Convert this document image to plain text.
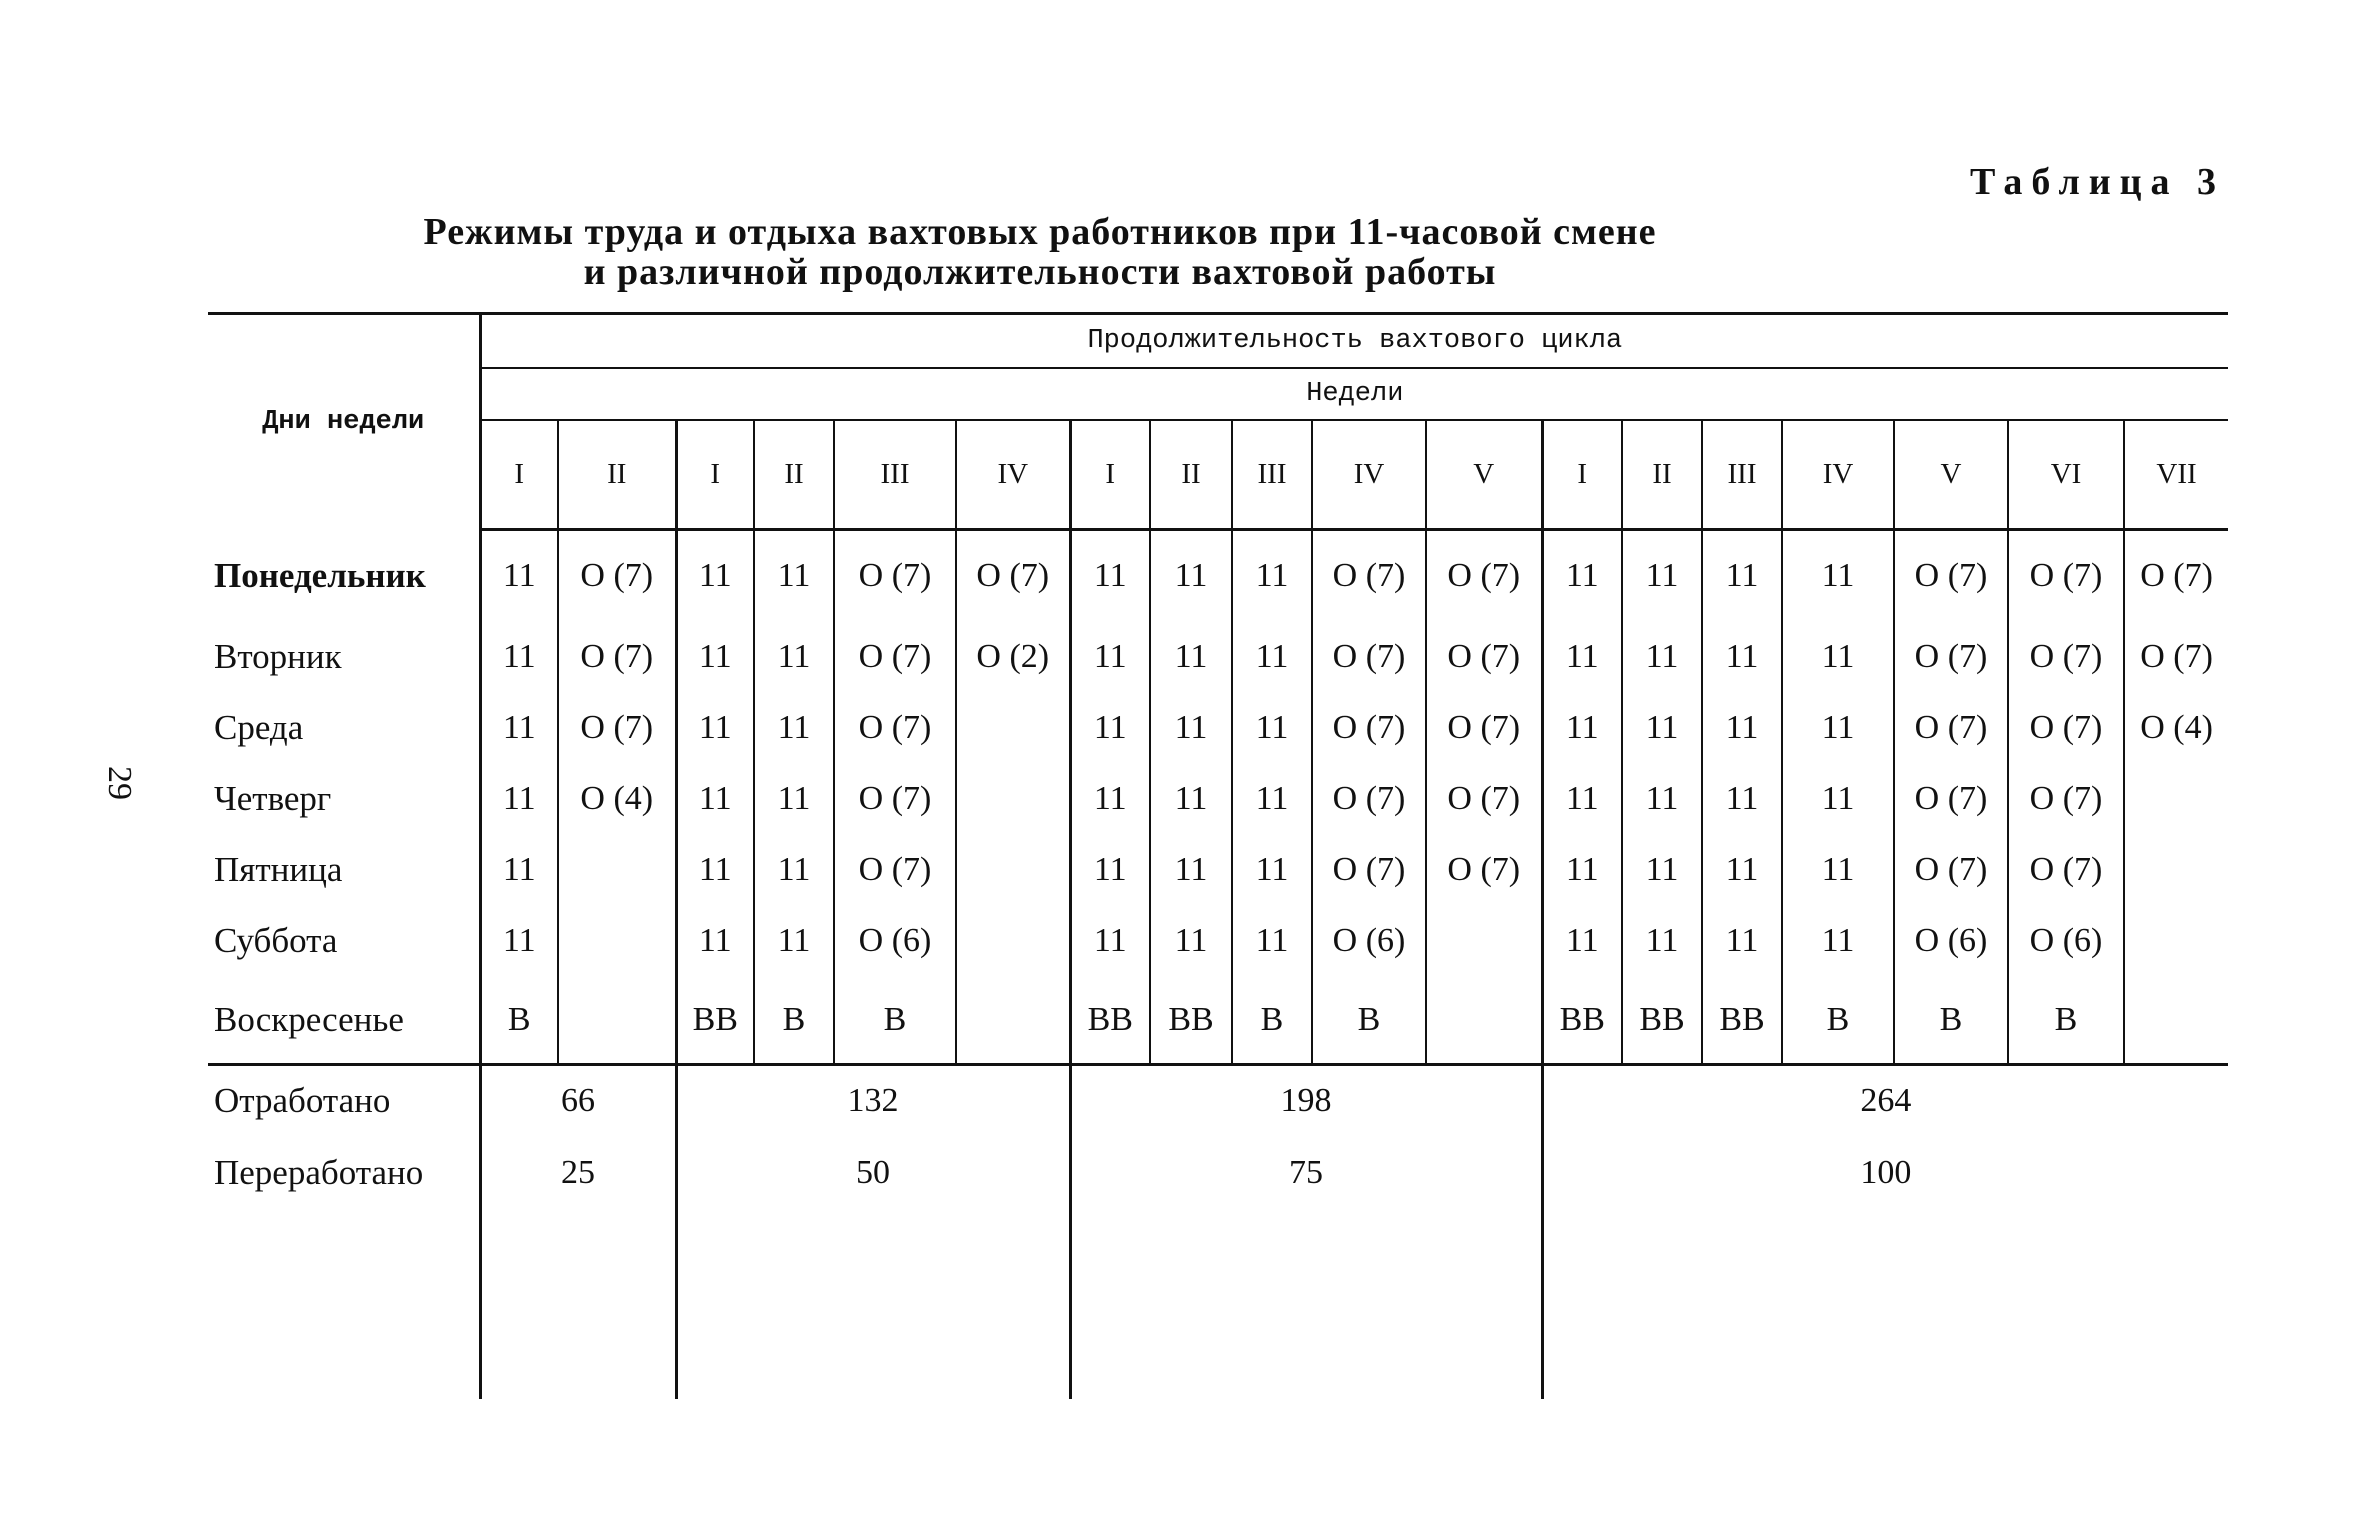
Таблица 3
Режимы труда и отдыха вахтовых работников при 11-часовой смене
и различной продолжительности вахтовой работы
29
Дни недели	Продолжительность вахтового цикла																	
	Недели																	
	I	II	I	II	III	IV	I	II	III	IV	V	I	II	III	IV	V	VI	VII
Понедельник	11	О (7)	11	11	О (7)	О (7)	11	11	11	О (7)	О (7)	11	11	11	11	О (7)	О (7)	О (7)
Вторник	11	О (7)	11	11	О (7)	О (2)	11	11	11	О (7)	О (7)	11	11	11	11	О (7)	О (7)	О (7)
Среда	11	О (7)	11	11	О (7)		11	11	11	О (7)	О (7)	11	11	11	11	О (7)	О (7)	О (4)
Четверг	11	О (4)	11	11	О (7)		11	11	11	О (7)	О (7)	11	11	11	11	О (7)	О (7)	
Пятница	11		11	11	О (7)		11	11	11	О (7)	О (7)	11	11	11	11	О (7)	О (7)	
Суббота	11		11	11	О (6)		11	11	11	О (6)		11	11	11	11	О (6)	О (6)	
Воскресенье	В		ВВ	В	В		ВВ	ВВ	В	В		ВВ	ВВ	ВВ	В	В	В	
Отработано	66		132				198					264						
Переработано	25		50				75					100						
